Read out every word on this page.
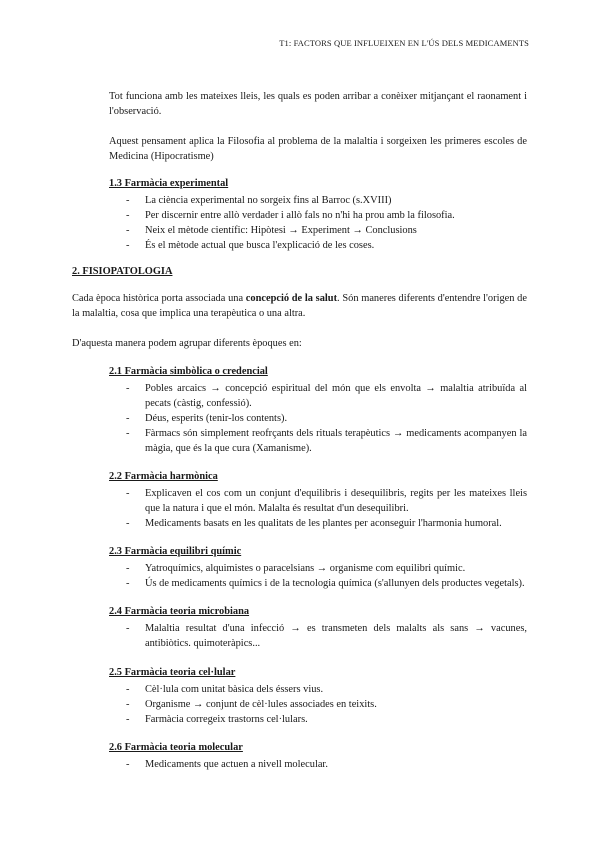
T1: FACTORS QUE INFLUEIXEN EN L'ÚS DELS MEDICAMENTS
Tot funciona amb les mateixes lleis, les quals es poden arribar a conèixer mitjançant el raonament i l'observació.
Aquest pensament aplica la Filosofia al problema de la malaltia i sorgeixen les primeres escoles de Medicina (Hipocratisme)
1.3 Farmàcia experimental
- La ciència experimental no sorgeix fins al Barroc (s.XVIII)
- Per discernir entre allò verdader i allò fals no n'hi ha prou amb la filosofia.
- Neix el mètode científic: Hipòtesi → Experiment → Conclusions
- És el mètode actual que busca l'explicació de les coses.
2. FISIOPATOLOGIA
Cada època històrica porta associada una concepció de la salut. Són maneres diferents d'entendre l'origen de la malaltia, cosa que implica una terapèutica o una altra.
D'aquesta manera podem agrupar diferents èpoques en:
2.1 Farmàcia simbòlica o credencial
- Pobles arcaics → concepció espiritual del món que els envolta → malaltia atribuïda al pecats (càstig, confessió).
- Déus, esperits (tenir-los contents).
- Fàrmacs són simplement reofrçants dels rituals terapèutics → medicaments acompanyen la màgia, que és la que cura (Xamanisme).
2.2 Farmàcia harmònica
- Explicaven el cos com un conjunt d'equilibris i desequilibris, regits per les mateixes lleis que la natura i que el món. Malalta és resultat d'un desequilibri.
- Medicaments basats en les qualitats de les plantes per aconseguir l'harmonia humoral.
2.3 Farmàcia equilibri químic
- Yatroquímics, alquimistes o paracelsians → organisme com equilibri químic.
- Ús de medicaments químics i de la tecnologia química (s'allunyen dels productes vegetals).
2.4 Farmàcia teoria microbiana
- Malaltia resultat d'una infecció → es transmeten dels malalts als sans → vacunes, antibiòtics. quimoteràpics...
2.5 Farmàcia teoria cel·lular
- Cèl·lula com unitat bàsica dels éssers vius.
- Organisme → conjunt de cèl·lules associades en teixits.
- Farmàcia corregeix trastorns cel·lulars.
2.6 Farmàcia teoria molecular
- Medicaments que actuen a nivell molecular.
